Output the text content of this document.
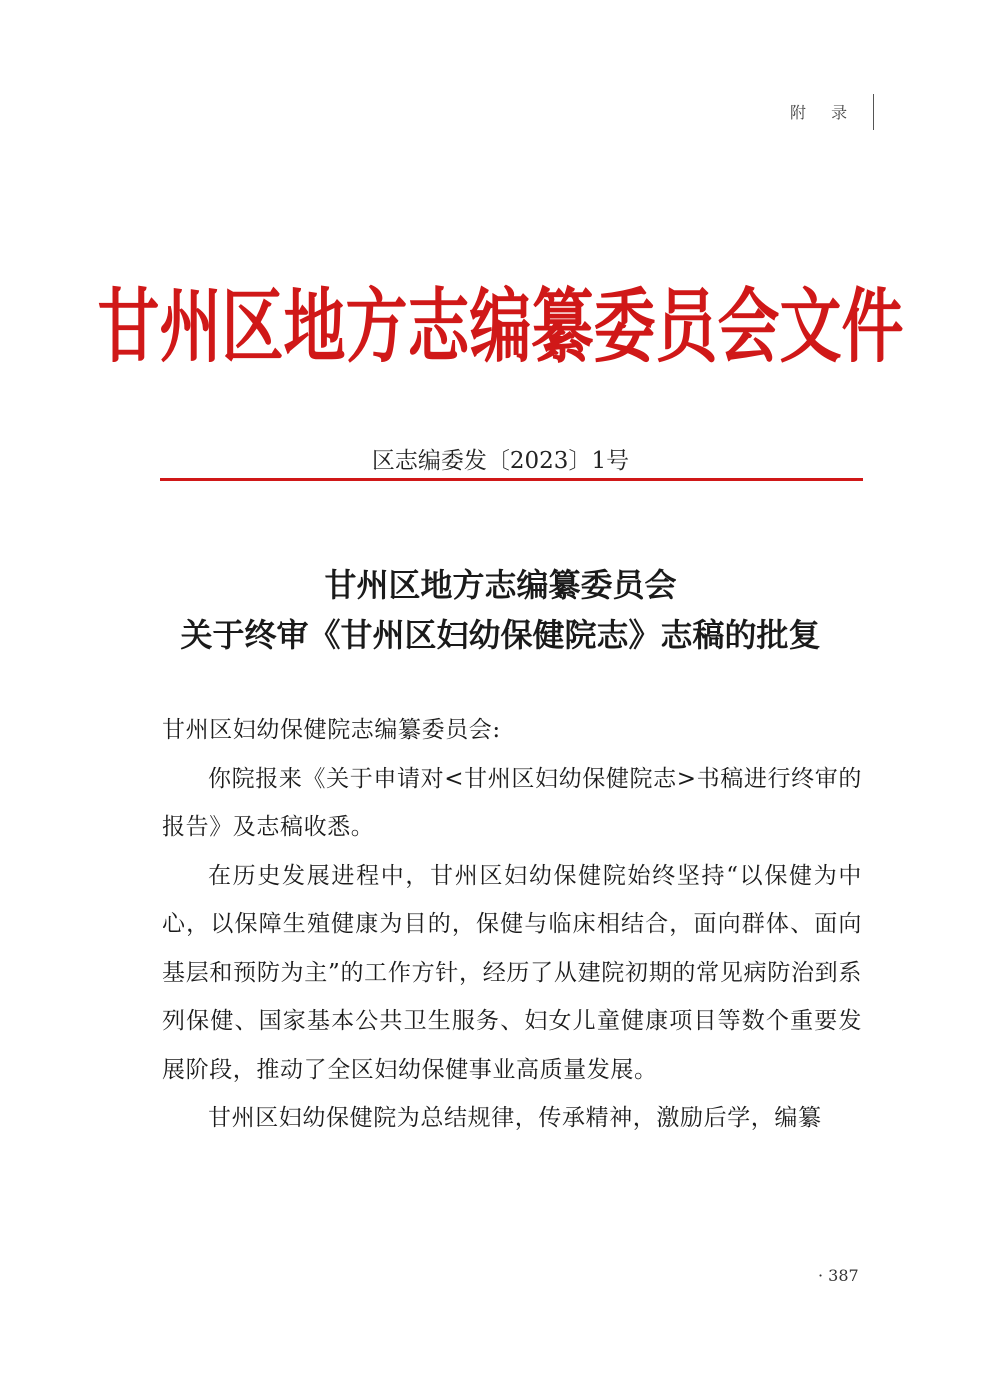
附 录
甘州区地方志编纂委员会文件
区志编委发〔2023〕1号
甘州区地方志编纂委员会
关于终审《甘州区妇幼保健院志》志稿的批复

甘州区妇幼保健院志编纂委员会:

你院报来《关于申请对<甘州区妇幼保健院志>书稿进行终审的报告》及志稿收悉。

在历史发展进程中，甘州区妇幼保健院始终坚持“以保健为中心，以保障生殖健康为目的，保健与临床相结合，面向群体、面向基层和预防为主”的工作方针，经历了从建院初期的常见病防治到系列保健、国家基本公共卫生服务、妇女儿童健康项目等数个重要发展阶段，推动了全区妇幼保健事业高质量发展。

甘州区妇幼保健院为总结规律，传承精神，激励后学，编纂

· 387
